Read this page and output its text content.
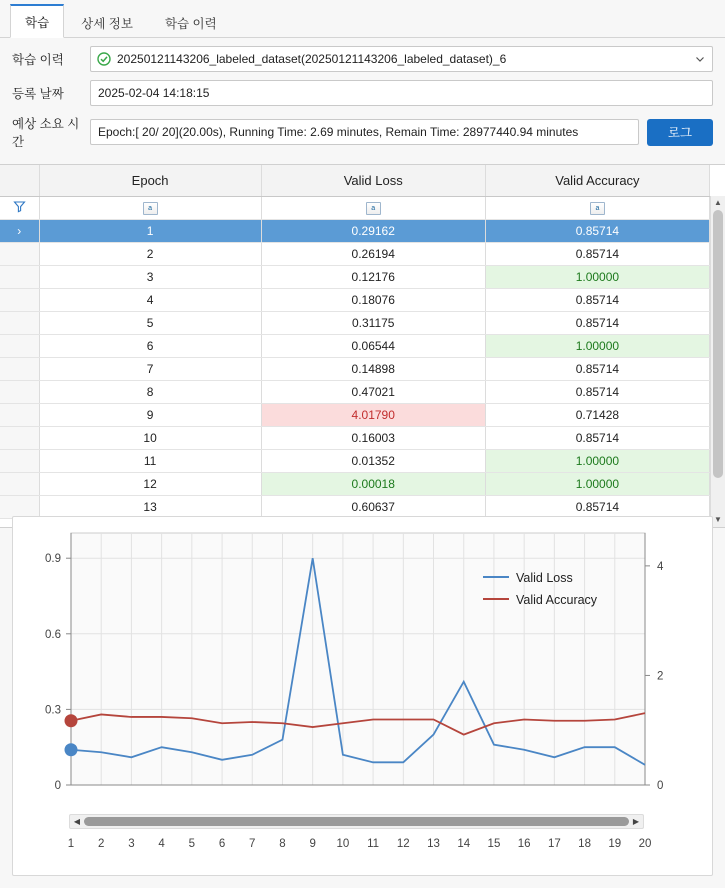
학습	상세 정보	학습 이력
학습 이력	20250121143206_labeled_dataset(20250121143206_labeled_dataset)_6
등록 날짜	2025-02-04 14:18:15
예상 소요 시간
Epoch:[ 20/ 20](20.00s), Running Time: 2.69 minutes, Remain Time: 28977440.94 minutes	로그
	Epoch	Valid Loss	Valid Accuracy
	a	a	a
›	1	0.29162	0.85714
	2	0.26194	0.85714
	3	0.12176	1.00000
	4	0.18076	0.85714
	5	0.31175	0.85714
	6	0.06544	1.00000
	7	0.14898	0.85714
	8	0.47021	0.85714
	9	4.01790	0.71428
	10	0.16003	0.85714
	11	0.01352	1.00000
	12	0.00018	1.00000
	13	0.60637	0.85714
▲
▼
0
0.3
0.6
0.9
0
2
4
1 2 3 4 5 6 7 8 9 10 11 12 13 14 15 16 17 18 19 20
Valid Loss
Valid Accuracy
◀	▶
